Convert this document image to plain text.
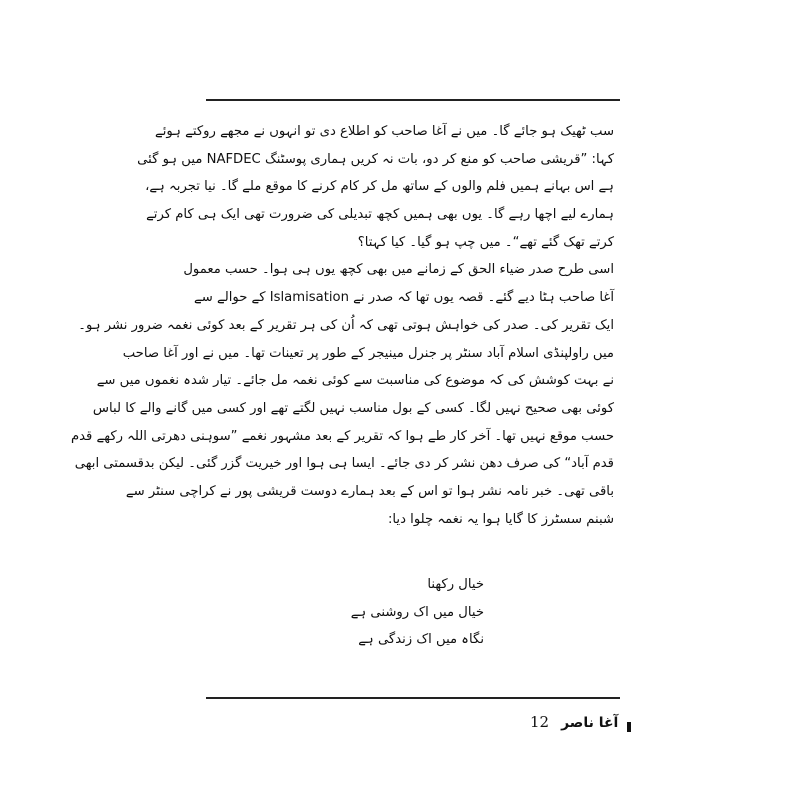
سب ٹھیک ہو جائے گا۔ میں نے آغا صاحب کو اطلاع دی تو انہوں نے مجھے روکتے ہوئے
کہا: ”قریشی صاحب کو منع کر دو، بات نہ کریں ہماری پوسٹنگ NAFDEC میں ہو گئی
ہے اس بہانے ہمیں فلم والوں کے ساتھ مل کر کام کرنے کا موقع ملے گا۔ نیا تجربہ ہے،
ہمارے لیے اچھا رہے گا۔ یوں بھی ہمیں کچھ تبدیلی کی ضرورت تھی ایک ہی کام کرتے
کرتے تھک گئے تھے“۔ میں چپ ہو گیا۔ کیا کہتا؟
اسی طرح صدر ضیاء الحق کے زمانے میں بھی کچھ یوں ہی ہوا۔ حسب معمول
آغا صاحب ہٹا دیے گئے۔ قصہ یوں تھا کہ صدر نے Islamisation کے حوالے سے
ایک تقریر کی۔ صدر کی خواہش ہوتی تھی کہ اُن کی ہر تقریر کے بعد کوئی نغمہ ضرور نشر ہو۔
میں راولپنڈی اسلام آباد سنٹر پر جنرل مینیجر کے طور پر تعینات تھا۔ میں نے اور آغا صاحب
نے بہت کوشش کی کہ موضوع کی مناسبت سے کوئی نغمہ مل جائے۔ تیار شدہ نغموں میں سے
کوئی بھی صحیح نہیں لگا۔ کسی کے بول مناسب نہیں لگتے تھے اور کسی میں گانے والے کا لباس
حسب موقع نہیں تھا۔ آخر کار طے ہوا کہ تقریر کے بعد مشہور نغمے ”سوہنی دھرتی اللہ رکھے قدم
قدم آباد“ کی صرف دھن نشر کر دی جائے۔ ایسا ہی ہوا اور خیریت گزر گئی۔ لیکن بدقسمتی ابھی
باقی تھی۔ خبر نامہ نشر ہوا تو اس کے بعد ہمارے دوست قریشی پور نے کراچی سنٹر سے
شبنم سسٹرز کا گایا ہوا یہ نغمہ چلوا دیا:
خیال رکھنا
خیال میں اک روشنی ہے
نگاہ میں اک زندگی ہے
12 آغا ناصر
